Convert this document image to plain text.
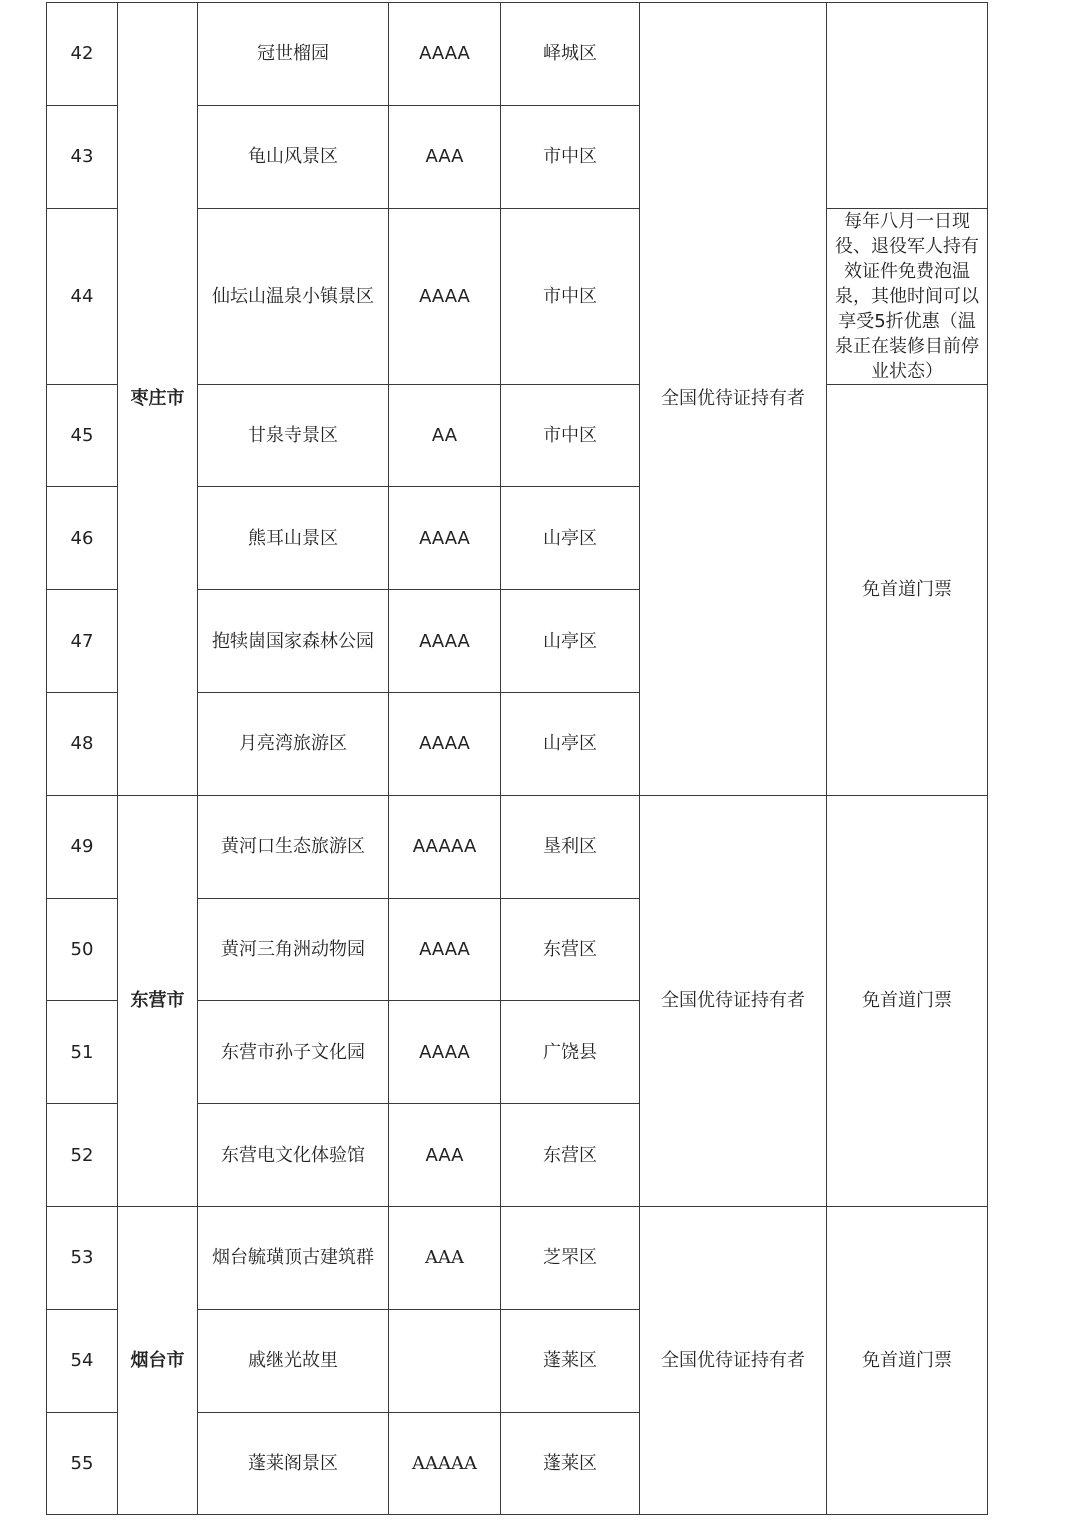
42	枣庄市	冠世榴园	AAAA	峄城区	全国优待证持有者	
43		龟山风景区	AAA	市中区		
44		仙坛山温泉小镇景区	AAAA	市中区		每年八月一日现役、退役军人持有效证件免费泡温泉，其他时间可以享受5折优惠（温泉正在装修目前停业状态）
45		甘泉寺景区	AA	市中区		免首道门票
46		熊耳山景区	AAAA	山亭区		
47		抱犊崮国家森林公园	AAAA	山亭区		
48		月亮湾旅游区	AAAA	山亭区		
49	东营市	黄河口生态旅游区	AAAAA	垦利区	全国优待证持有者	免首道门票
50		黄河三角洲动物园	AAAA	东营区		
51		东营市孙子文化园	AAAA	广饶县		
52		东营电文化体验馆	AAA	东营区		
53	烟台市	烟台毓璜顶古建筑群	AAA	芝罘区	全国优待证持有者	免首道门票
54		戚继光故里		蓬莱区		
55		蓬莱阁景区	AAAAA	蓬莱区		
